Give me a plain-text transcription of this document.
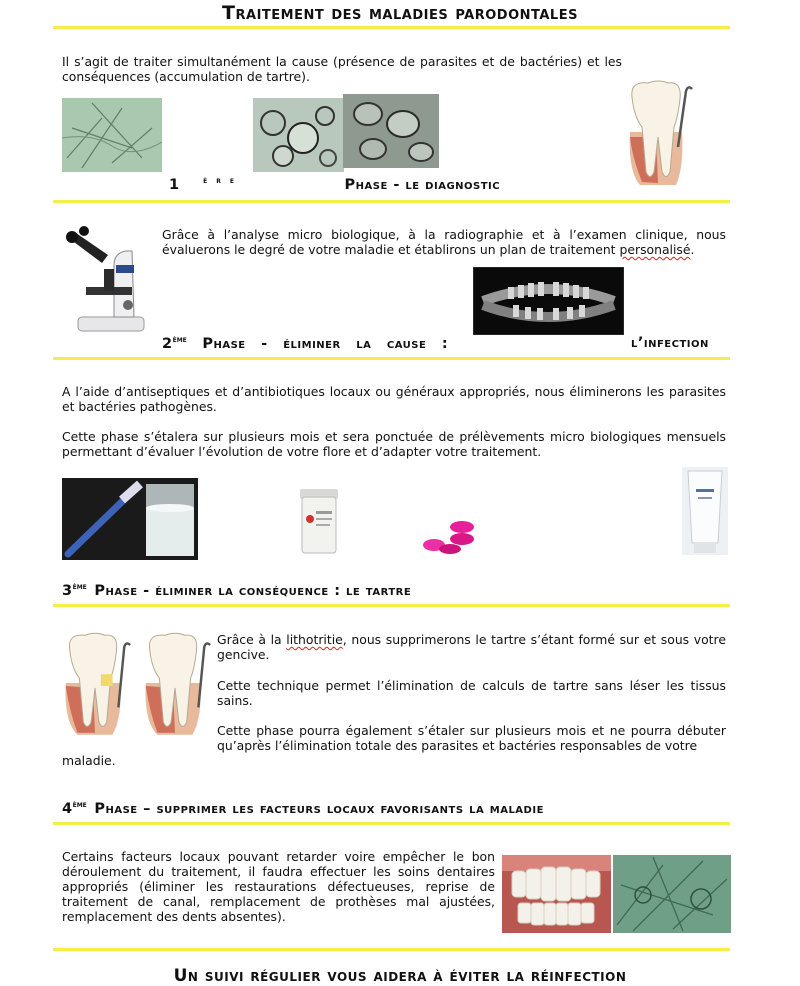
Traitement des maladies parodontales
Il s’agit de traiter simultanément la cause (présence de parasites et de bactéries) et les conséquences (accumulation de tartre).
1	$^{ère}$	Phase - le diagnostic
Grâce à l’analyse micro biologique, à la radiographie et à l’examen clinique, nous évaluerons le degré de votre maladie et établirons un plan de traitement personalisé.
2ème Phase - éliminer la cause :	l’infection
A l’aide d’antiseptiques et d’antibiotiques locaux ou généraux appropriés, nous éliminerons les parasites et bactéries pathogènes.
Cette phase s’étalera sur plusieurs mois et sera ponctuée de prélèvements micro biologiques mensuels permettant d’évaluer l’évolution de votre flore et d’adapter votre traitement.
3ème Phase - éliminer la conséquence : le tartre
Grâce à la lithotritie, nous supprimerons le tartre s’étant formé sur et sous votre gencive.
Cette technique permet l’élimination de calculs de tartre sans léser les tissus sains.
Cette phase pourra également s’étaler sur plusieurs mois et ne pourra débuter qu’après l’élimination totale des parasites et bactéries responsables de votre
maladie.
4ème Phase – supprimer les facteurs locaux favorisants la maladie
Certains facteurs locaux pouvant retarder voire empêcher le bon déroulement du traitement, il faudra effectuer les soins dentaires appropriés (éliminer les restaurations défectueuses, reprise de traitement de canal, remplacement de prothèses mal ajustées, remplacement des dents absentes).
Un suivi régulier vous aidera à éviter la réinfection
